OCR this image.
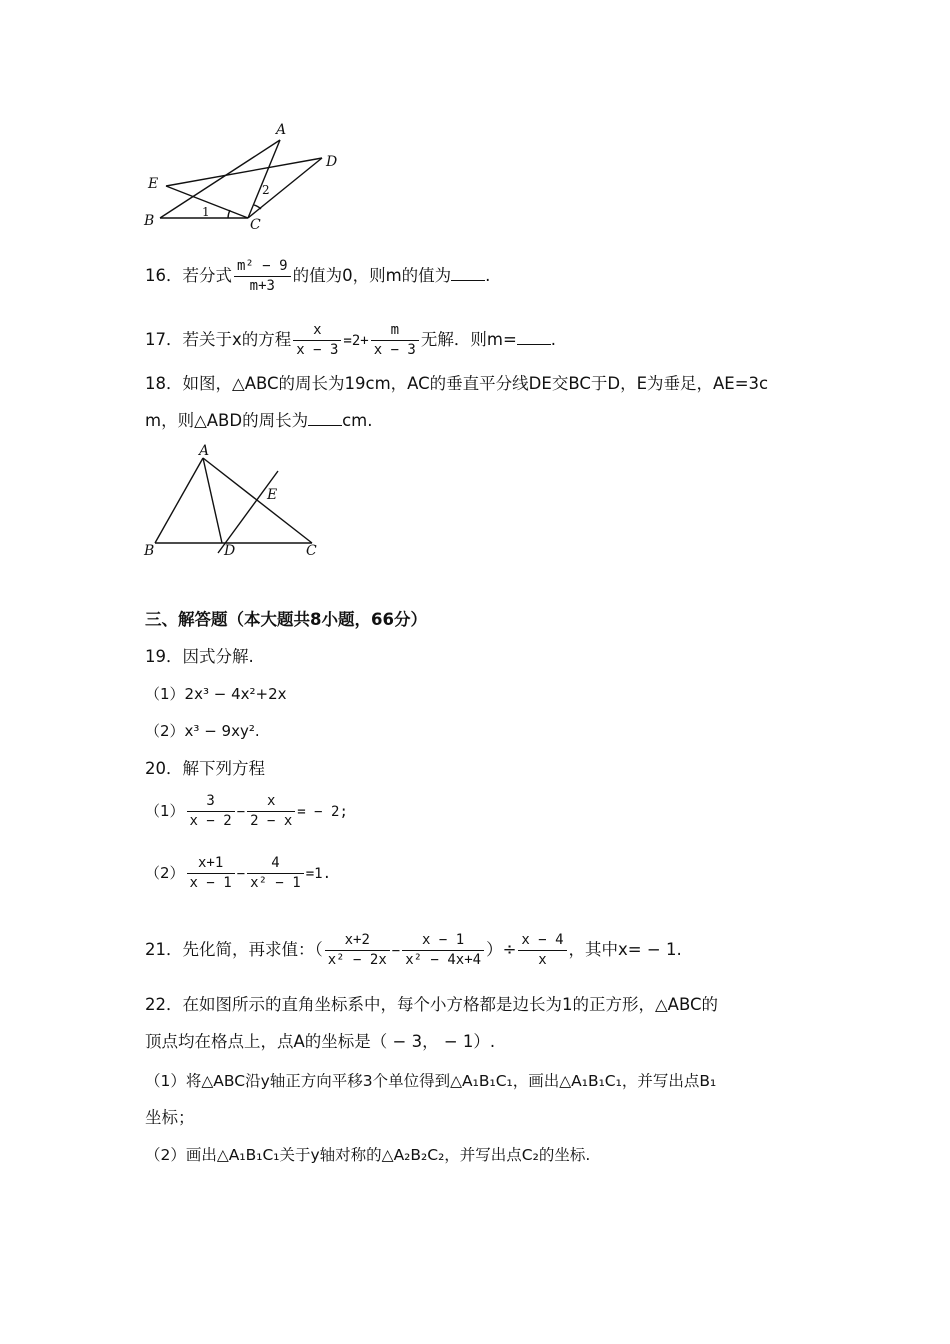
A
D
E
B	C
1
2
16．若分式 $\frac{\text{m² − 9}}{m+3}$ 的值为0，则m的值为 .
17．若关于x的方程 $\frac{x}{x - 3} =2+ \frac{m}{x - 3}$ 无解．则m= .
18．如图，△ABC的周长为19cm，AC的垂直平分线DE交BC于D，E为垂足，AE=3c
m，则△ABD的周长为 cm.
A
B	D	C
E
三、解答题（本大题共8小题，66分）
19．因式分解.
（1）2x³ − 4x²+2x
（2）x³ − 9xy².
20．解下列方程
$(1) \frac{3}{x - 2} - \frac{x}{2 - x}$ = − 2;
$(2) \frac{x+1}{x - 1} - \frac{4}{\text{x² − 1}} =1$.
21．先化简，再求值：（ $\frac{x+2}{\text{x² − 2x}} - \frac{x - 1}{\text{x² − 4x+4}}$ ）÷ $\frac{x - 4}{x}$ ，其中x= − 1.
22．在如图所示的直角坐标系中，每个小方格都是边长为1的正方形，△ABC的
顶点均在格点上，点A的坐标是（ − 3， − 1）.
（1）将△ABC沿y轴正方向平移3个单位得到△A₁B₁C₁，画出△A₁B₁C₁，并写出点B₁
坐标；
（2）画出△A₁B₁C₁关于y轴对称的△A₂B₂C₂，并写出点C₂的坐标.
